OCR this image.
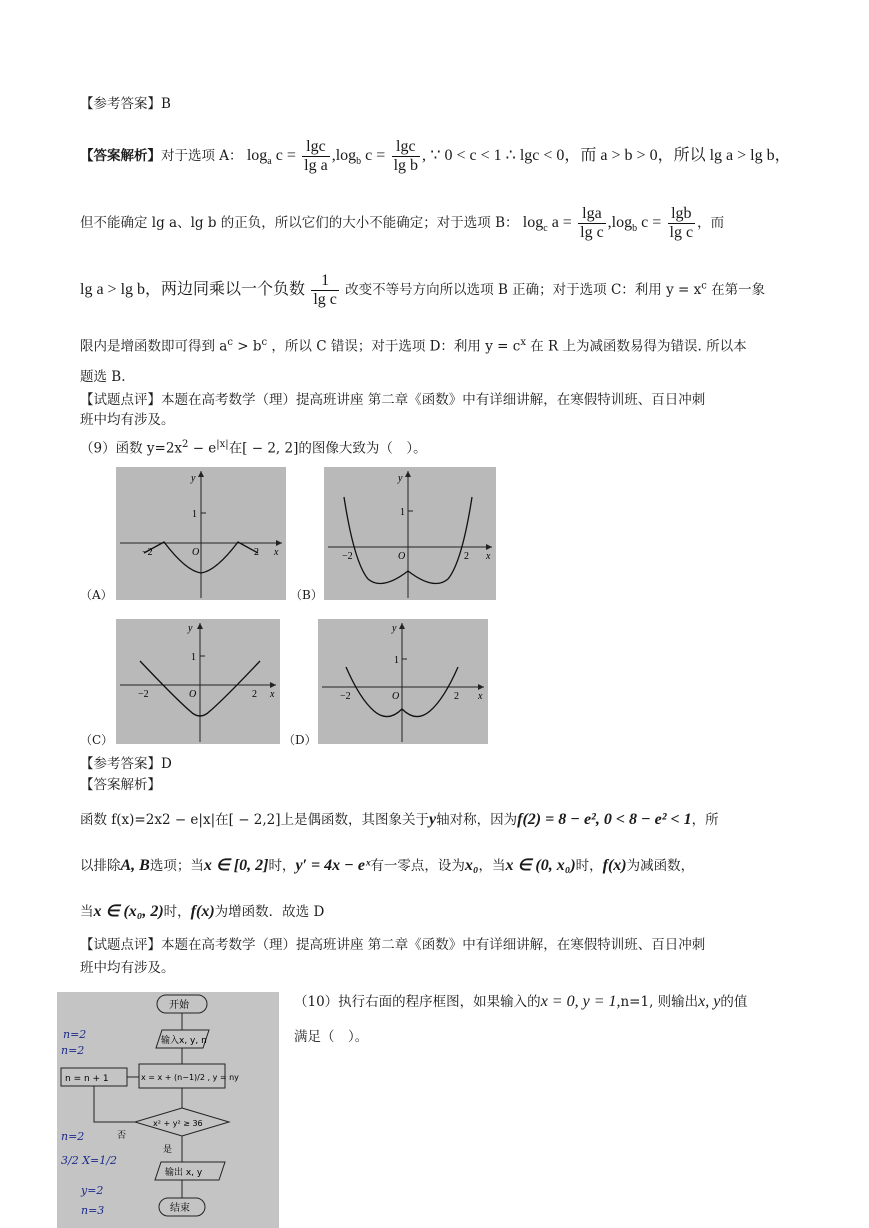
【参考答案】B
【答案解析】对于选项 A： $\log_a c = \frac{\lg c}{\text{lg a}} ,\log_b$ $c = \frac{\lg c}{\text{lg b}}$ , ∵ 0 < c < 1 ∴ lgc < 0，而 a > b > 0，所以 lg a > lg b，
但不能确定 lg a、lg b 的正负，所以它们的大小不能确定；对于选项 B： $\log_c a = \frac{\lg a}{\text{lg c}} ,\log_b$ $c = \frac{\lg b}{\text{lg c}}$ ，而
lg a > lg b，两边同乘以一个负数 $\frac{1}{\text{lg c}}$ 改变不等号方向所以选项 B 正确；对于选项 C：利用 $y = x^c$ 在第一象
限内是增函数即可得到 $a^c > b^c$ ，所以 C 错误；对于选项 D：利用 $y = c^x$ 在 R 上为减函数易得为错误. 所以本
题选 B.
【试题点评】本题在高考数学（理）提高班讲座 第二章《函数》中有详细讲解，在寒假特训班、百日冲刺
班中均有涉及。
（9）函数 $y=2x^2 - e^{|x|}$在[ − 2, 2]的图像大致为（　）。
（A）	（B）
（C）	（D）
y
x
1
O
−2	2
y
x
1
O
−2	2
y
x
1
O
−2	2
y
x
1
O
−2	2
【参考答案】D
【答案解析】
函数 f(x)=2x2 − e|x|在[ − 2,2]上是偶函数，其图象关于y轴对称，因为f(2) = 8 − e², 0 < 8 − e² < 1，所
以排除A, B选项；当x ∈ [0, 2]时，y′ = 4x − eˣ有一零点，设为x₀，当x ∈ (0, x₀)时，f(x)为减函数，
当x ∈ (x₀, 2)时，f(x)为增函数．故选 D
【试题点评】本题在高考数学（理）提高班讲座 第二章《函数》中有详细讲解，在寒假特训班、百日冲刺
班中均有涉及。
开始
输入x, y, n
x = x + (n−1)/2 , y = ny
n = n + 1
x² + y² ≥ 36
否
是
输出 x, y
结束
n=2
n=2
n=2
3/2 X=1/2
y=2
n=3
（10）执行右面的程序框图，如果输入的x = 0, y = 1,n=1, 则输出x, y的值
满足（　）。
